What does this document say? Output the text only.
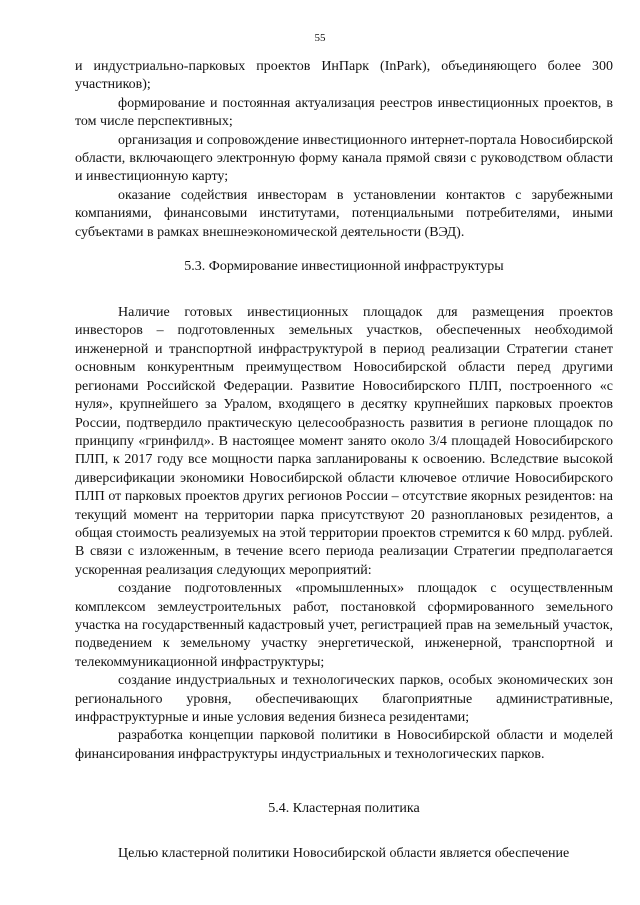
55

и индустриально-парковых проектов ИнПарк (InPark), объединяющего более 300 участников);

формирование и постоянная актуализация реестров инвестиционных проектов, в том числе перспективных;

организация и сопровождение инвестиционного интернет-портала Новосибирской области, включающего электронную форму канала прямой связи с руководством области и инвестиционную карту;

оказание содействия инвесторам в установлении контактов с зарубежными компаниями, финансовыми институтами, потенциальными потребителями, иными субъектами в рамках внешнеэкономической деятельности (ВЭД).

5.3. Формирование инвестиционной инфраструктуры

Наличие готовых инвестиционных площадок для размещения проектов инвесторов – подготовленных земельных участков, обеспеченных необходимой инженерной и транспортной инфраструктурой в период реализации Стратегии станет основным конкурентным преимуществом Новосибирской области перед другими регионами Российской Федерации. Развитие Новосибирского ПЛП, построенного «с нуля», крупнейшего за Уралом, входящего в десятку крупнейших парковых проектов России, подтвердило практическую целесообразность развития в регионе площадок по принципу «гринфилд». В настоящее момент занято около 3/4 площадей Новосибирского ПЛП, к 2017 году все мощности парка запланированы к освоению. Вследствие высокой диверсификации экономики Новосибирской области ключевое отличие Новосибирского ПЛП от парковых проектов других регионов России – отсутствие якорных резидентов: на текущий момент на территории парка присутствуют 20 разноплановых резидентов, а общая стоимость реализуемых на этой территории проектов стремится к 60 млрд. рублей. В связи с изложенным, в течение всего периода реализации Стратегии предполагается ускоренная реализация следующих мероприятий:

создание подготовленных «промышленных» площадок с осуществленным комплексом землеустроительных работ, постановкой сформированного земельного участка на государственный кадастровый учет, регистрацией прав на земельный участок, подведением к земельному участку энергетической, инженерной, транспортной и телекоммуникационной инфраструктуры;

создание индустриальных и технологических парков, особых экономических зон регионального уровня, обеспечивающих благоприятные административные, инфраструктурные и иные условия ведения бизнеса резидентами;

разработка концепции парковой политики в Новосибирской области и моделей финансирования инфраструктуры индустриальных и технологических парков.

5.4. Кластерная политика

Целью кластерной политики Новосибирской области является обеспечение
